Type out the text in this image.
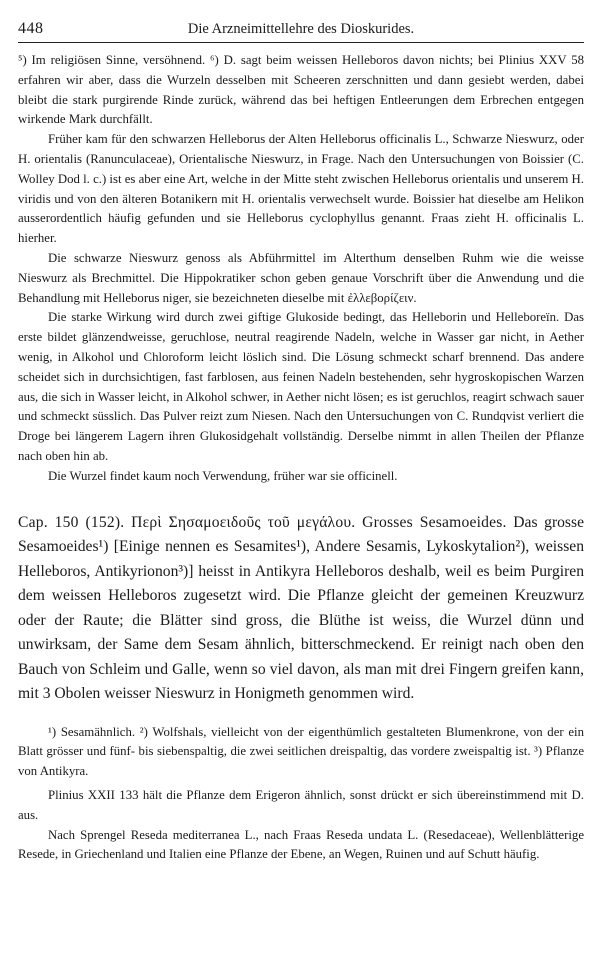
448	Die Arzneimittellehre des Dioskurides.

⁵) Im religiösen Sinne, versöhnend. ⁶) D. sagt beim weissen Helleboros davon nichts; bei Plinius XXV 58 erfahren wir aber, dass die Wurzeln desselben mit Scheeren zerschnitten und dann gesiebt werden, dabei bleibt die stark purgirende Rinde zurück, während das bei heftigen Entleerungen dem Erbrechen entgegen wirkende Mark durchfällt.

Früher kam für den schwarzen Helleborus der Alten Helleborus officinalis L., Schwarze Nieswurz, oder H. orientalis (Ranunculaceae), Orientalische Nieswurz, in Frage. Nach den Untersuchungen von Boissier (C. Wolley Dod l. c.) ist es aber eine Art, welche in der Mitte steht zwischen Helleborus orientalis und unserem H. viridis und von den älteren Botanikern mit H. orientalis verwechselt wurde. Boissier hat dieselbe am Helikon ausserordentlich häufig gefunden und sie Helleborus cyclophyllus genannt. Fraas zieht H. officinalis L. hierher.

Die schwarze Nieswurz genoss als Abführmittel im Alterthum denselben Ruhm wie die weisse Nieswurz als Brechmittel. Die Hippokratiker schon geben genaue Vorschrift über die Anwendung und die Behandlung mit Helleborus niger, sie bezeichneten dieselbe mit ἐλλεβορίζειν.

Die starke Wirkung wird durch zwei giftige Glukoside bedingt, das Helleborin und Helleboreïn. Das erste bildet glänzendweisse, geruchlose, neutral reagirende Nadeln, welche in Wasser gar nicht, in Aether wenig, in Alkohol und Chloroform leicht löslich sind. Die Lösung schmeckt scharf brennend. Das andere scheidet sich in durchsichtigen, fast farblosen, aus feinen Nadeln bestehenden, sehr hygroskopischen Warzen aus, die sich in Wasser leicht, in Alkohol schwer, in Aether nicht lösen; es ist geruchlos, reagirt schwach sauer und schmeckt süsslich. Das Pulver reizt zum Niesen. Nach den Untersuchungen von C. Rundqvist verliert die Droge bei längerem Lagern ihren Glukosidgehalt vollständig. Derselbe nimmt in allen Theilen der Pflanze nach oben hin ab.

Die Wurzel findet kaum noch Verwendung, früher war sie officinell.

Cap. 150 (152). Περὶ Σησαμοειδοῦς τοῦ μεγάλου. Grosses Sesamoeides. Das grosse Sesamoeides¹) [Einige nennen es Sesamites¹), Andere Sesamis, Lykoskytalion²), weissen Helleboros, Antikyrionon³)] heisst in Antikyra Helleboros deshalb, weil es beim Purgiren dem weissen Helleboros zugesetzt wird. Die Pflanze gleicht der gemeinen Kreuzwurz oder der Raute; die Blätter sind gross, die Blüthe ist weiss, die Wurzel dünn und unwirksam, der Same dem Sesam ähnlich, bitterschmeckend. Er reinigt nach oben den Bauch von Schleim und Galle, wenn so viel davon, als man mit drei Fingern greifen kann, mit 3 Obolen weisser Nieswurz in Honigmeth genommen wird.

¹) Sesamähnlich. ²) Wolfshals, vielleicht von der eigenthümlich gestalteten Blumenkrone, von der ein Blatt grösser und fünf- bis siebenspaltig, die zwei seitlichen dreispaltig, das vordere zweispaltig ist. ³) Pflanze von Antikyra.

Plinius XXII 133 hält die Pflanze dem Erigeron ähnlich, sonst drückt er sich übereinstimmend mit D. aus.

Nach Sprengel Reseda mediterranea L., nach Fraas Reseda undata L. (Resedaceae), Wellenblätterige Resede, in Griechenland und Italien eine Pflanze der Ebene, an Wegen, Ruinen und auf Schutt häufig.
